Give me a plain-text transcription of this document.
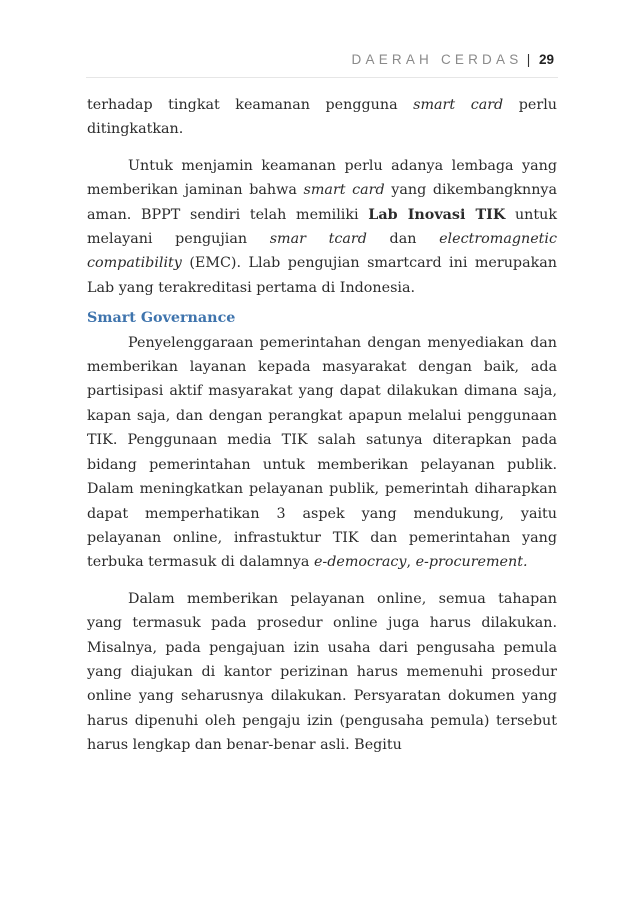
DAERAH CERDAS | 29

terhadap tingkat keamanan pengguna smart card perlu ditingkatkan.

Untuk menjamin keamanan perlu adanya lembaga yang memberikan jaminan bahwa smart card yang dikembangknnya aman. BPPT sendiri telah memiliki Lab Inovasi TIK untuk melayani pengujian smar tcard dan electromagnetic compatibility (EMC). Llab pengujian smartcard ini merupakan Lab yang terakreditasi pertama di Indonesia.

Smart Governance

Penyelenggaraan pemerintahan dengan menyediakan dan memberikan layanan kepada masyarakat dengan baik, ada partisipasi aktif masyarakat yang dapat dilakukan dimana saja, kapan saja, dan dengan perangkat apapun melalui penggunaan TIK. Penggunaan media TIK salah satunya diterapkan pada bidang pemerintahan untuk memberikan pelayanan publik. Dalam meningkatkan pelayanan publik, pemerintah diharapkan dapat memperhatikan 3 aspek yang mendukung, yaitu pelayanan online, infrastuktur TIK dan pemerintahan yang terbuka termasuk di dalamnya e-democracy, e-procurement.

Dalam memberikan pelayanan online, semua tahapan yang termasuk pada prosedur online juga harus dilakukan. Misalnya, pada pengajuan izin usaha dari pengusaha pemula yang diajukan di kantor perizinan harus memenuhi prosedur online yang seharusnya dilakukan. Persyaratan dokumen yang harus dipenuhi oleh pengaju izin (pengusaha pemula) tersebut harus lengkap dan benar-benar asli. Begitu
